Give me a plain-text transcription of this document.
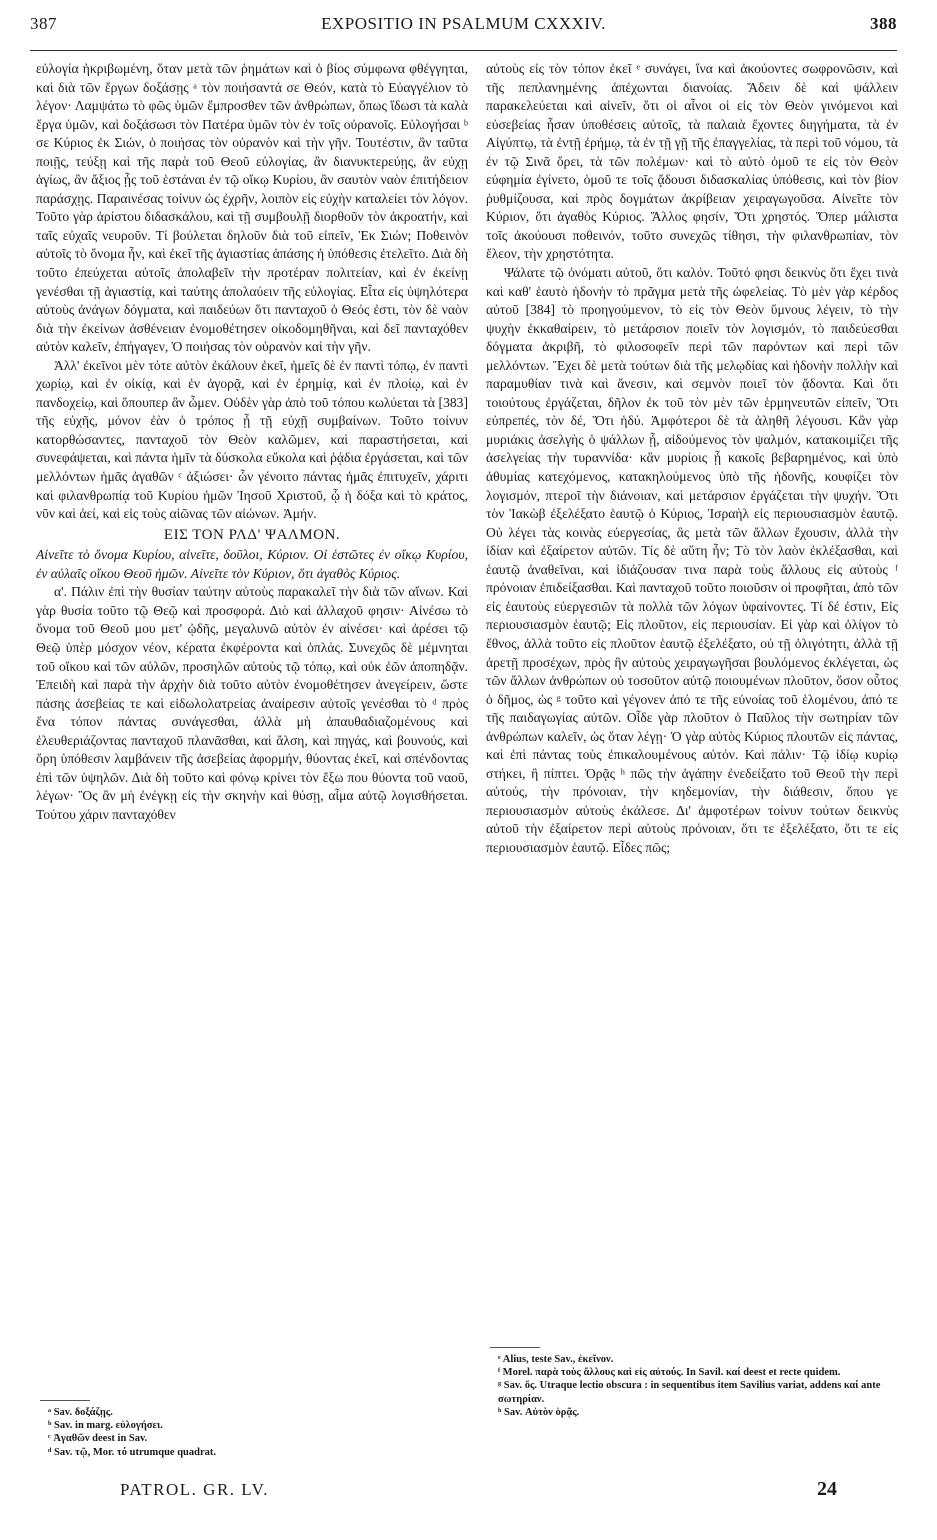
387	EXPOSITIO IN PSALMUM CXXXIV.	388

εὐλογία ἠκριβωμένη, ὅταν μετὰ τῶν ῥημάτων καὶ ὁ βίος σύμφωνα φθέγγηται, καὶ διὰ τῶν ἔργων δοξάσῃς ᵃ τὸν ποιήσαντά σε Θεόν, κατὰ τὸ Εὐαγγέλιον τὸ λέγον· Λαμψάτω τὸ φῶς ὑμῶν ἔμπροσθεν τῶν ἀνθρώπων, ὅπως ἴδωσι τὰ καλὰ ἔργα ὑμῶν, καὶ δοξάσωσι τὸν Πατέρα ὑμῶν τὸν ἐν τοῖς οὐρανοῖς. Εὐλογήσαι ᵇ σε Κύριος ἐκ Σιών, ὁ ποιήσας τὸν οὐρανὸν καὶ τὴν γῆν. Τουτέστιν, ἂν ταῦτα ποιῇς, τεύξῃ καὶ τῆς παρὰ τοῦ Θεοῦ εὐλογίας, ἂν διανυκτερεύῃς, ἂν εὐχῃ ἁγίως, ἂν ἄξιος ᾖς τοῦ ἑστάναι ἐν τῷ οἴκῳ Κυρίου, ἂν σαυτὸν ναὸν ἐπιτήδειον παράσχῃς. Παραινέσας τοίνυν ὡς ἐχρῆν, λοιπὸν εἰς εὐχὴν καταλείει τὸν λόγον. Τοῦτο γὰρ ἀρίστου διδασκάλου, καὶ τῇ συμβουλῇ διορθοῦν τὸν ἀκροατήν, καὶ ταῖς εὐχαῖς νευροῦν. Τί βούλεται δηλοῦν διὰ τοῦ εἰπεῖν, Ἐκ Σιών; Ποθεινὸν αὐτοῖς τὸ ὄνομα ἦν, καὶ ἐκεῖ τῆς ἁγιαστίας ἁπάσης ἡ ὑπόθεσις ἐτελεῖτο. Διὰ δὴ τοῦτο ἐπεύχεται αὐτοῖς ἀπολαβεῖν τὴν προτέραν πολιτείαν, καὶ ἐν ἐκείνῃ γενέσθαι τῇ ἁγιαστίᾳ, καὶ ταύτης ἀπολαύειν τῆς εὐλογίας. Εἶτα εἰς ὑψηλότερα αὐτοὺς ἀνάγων δόγματα, καὶ παιδεύων ὅτι πανταχοῦ ὁ Θεός ἐστι, τὸν δὲ ναὸν διὰ τὴν ἐκείνων ἀσθένειαν ἐνομοθέτησεν οἰκοδομηθῆναι, καὶ δεῖ πανταχόθεν αὐτὸν καλεῖν, ἐπήγαγεν, Ὁ ποιήσας τὸν οὐρανὸν καὶ τὴν γῆν.

Ἀλλ' ἐκεῖνοι μὲν τότε αὐτὸν ἐκάλουν ἐκεῖ, ἡμεῖς δὲ ἐν παντὶ τόπῳ, ἐν παντὶ χωρίῳ, καὶ ἐν οἰκίᾳ, καὶ ἐν ἀγορᾷ, καὶ ἐν ἐρημίᾳ, καὶ ἐν πλοίῳ, καὶ ἐν πανδοχείῳ, καὶ ὅπουπερ ἂν ὦμεν. Οὐδὲν γὰρ ἀπὸ τοῦ τόπου κωλύεται τὰ [383] τῆς εὐχῆς, μόνον ἐὰν ὁ τρόπος ᾖ τῇ εὐχῇ συμβαίνων. Τοῦτο τοίνυν κατορθώσαντες, πανταχοῦ τὸν Θεὸν καλῶμεν, καὶ παραστήσεται, καὶ συνεφάψεται, καὶ πάντα ἡμῖν τὰ δύσκολα εὔκολα καὶ ῥᾴδια ἐργάσεται, καὶ τῶν μελλόντων ἡμᾶς ἀγαθῶν ᶜ ἀξιώσει· ὧν γένοιτο πάντας ἡμᾶς ἐπιτυχεῖν, χάριτι καὶ φιλανθρωπίᾳ τοῦ Κυρίου ἡμῶν Ἰησοῦ Χριστοῦ, ᾧ ἡ δόξα καὶ τὸ κράτος, νῦν καὶ ἀεί, καὶ εἰς τοὺς αἰῶνας τῶν αἰώνων. Ἀμήν.

ΕΙΣ ΤΟΝ ΡΛΔ' ΨΑΛΜΟΝ.

Αἰνεῖτε τὸ ὄνομα Κυρίου, αἰνεῖτε, δοῦλοι, Κύριον. Οἱ ἑστῶτες ἐν οἴκῳ Κυρίου, ἐν αὐλαῖς οἴκου Θεοῦ ἡμῶν. Αἰνεῖτε τὸν Κύριον, ὅτι ἀγαθὸς Κύριος.

α'. Πάλιν ἐπὶ τὴν θυσίαν ταύτην αὐτοὺς παρακαλεῖ τὴν διὰ τῶν αἴνων. Καὶ γὰρ θυσία τοῦτο τῷ Θεῷ καὶ προσφορά. Διὸ καὶ ἀλλαχοῦ φησιν· Αἰνέσω τὸ ὄνομα τοῦ Θεοῦ μου μετ' ᾠδῆς, μεγαλυνῶ αὐτὸν ἐν αἰνέσει· καὶ ἀρέσει τῷ Θεῷ ὑπὲρ μόσχον νέον, κέρατα ἐκφέροντα καὶ ὁπλάς. Συνεχῶς δὲ μέμνηται τοῦ οἴκου καὶ τῶν αὐλῶν, προσηλῶν αὐτοὺς τῷ τόπῳ, καὶ οὐκ ἐῶν ἀποπηδᾷν. Ἐπειδὴ καὶ παρὰ τὴν ἀρχὴν διὰ τοῦτο αὐτὸν ἐνομοθέτησεν ἀνεγείρειν, ὥστε πάσης ἀσεβείας τε καὶ εἰδωλολατρείας ἀναίρεσιν αὐτοῖς γενέσθαι τὸ ᵈ πρὸς ἕνα τόπον πάντας συνάγεσθαι, ἀλλὰ μὴ ἀπαυθαδιαζομένους καὶ ἐλευθεριάζοντας πανταχοῦ πλανᾶσθαι, καὶ ἄλση, καὶ πηγάς, καὶ βουνούς, καὶ ὄρη ὑπόθεσιν λαμβάνειν τῆς ἀσεβείας ἀφορμήν, θύοντας ἐκεῖ, καὶ σπένδοντας ἐπὶ τῶν ὑψηλῶν. Διὰ δὴ τοῦτο καὶ φόνῳ κρίνει τὸν ἔξω που θύοντα τοῦ ναοῦ, λέγων· Ὃς ἂν μὴ ἐνέγκῃ εἰς τὴν σκηνὴν καὶ θύσῃ, αἷμα αὐτῷ λογισθήσεται. Τούτου χάριν πανταχόθεν

αὐτοὺς εἰς τὸν τόπον ἐκεῖ ᵉ συνάγει, ἵνα καὶ ἀκούοντες σωφρονῶσιν, καὶ τῆς πεπλανημένης ἀπέχωνται διανοίας. Ἄδειν δὲ καὶ ψάλλειν παρακελεύεται καὶ αἰνεῖν, ὅτι οἱ αἶνοι οἱ εἰς τὸν Θεὸν γινόμενοι καὶ εὐσεβείας ἦσαν ὑποθέσεις αὐτοῖς, τὰ παλαιὰ ἔχοντες διηγήματα, τὰ ἐν Αἰγύπτῳ, τὰ ἐντῇ ἐρήμῳ, τὰ ἐν τῇ γῇ τῆς ἐπαγγελίας, τὰ περὶ τοῦ νόμου, τὰ ἐν τῷ Σινᾶ ὄρει, τὰ τῶν πολέμων· καὶ τὸ αὐτὸ ὁμοῦ τε εἰς τὸν Θεὸν εὐφημία ἐγίνετο, ὁμοῦ τε τοῖς ᾄδουσι διδασκαλίας ὑπόθεσις, καὶ τὸν βίον ῥυθμίζουσα, καὶ πρὸς δογμάτων ἀκρίβειαν χειραγωγοῦσα. Αἰνεῖτε τὸν Κύριον, ὅτι ἀγαθὸς Κύριος. Ἄλλος φησίν, Ὅτι χρηστός. Ὅπερ μάλιστα τοῖς ἀκούουσι ποθεινόν, τοῦτο συνεχῶς τίθησι, τὴν φιλανθρωπίαν, τὸν ἔλεον, τὴν χρηστότητα.

Ψάλατε τῷ ὀνόματι αὐτοῦ, ὅτι καλόν. Τοῦτό φησι δεικνὺς ὅτι ἔχει τινὰ καὶ καθ' ἑαυτὸ ἡδονὴν τὸ πρᾶγμα μετὰ τῆς ὠφελείας. Τὸ μὲν γὰρ κέρδος αὐτοῦ [384] τὸ προηγούμενον, τὸ εἰς τὸν Θεὸν ὕμνους λέγειν, τὸ τὴν ψυχὴν ἐκκαθαίρειν, τὸ μετάρσιον ποιεῖν τὸν λογισμόν, τὸ παιδεύεσθαι δόγματα ἀκριβῆ, τὸ φιλοσοφεῖν περὶ τῶν παρόντων καὶ περὶ τῶν μελλόντων. Ἔχει δὲ μετὰ τούτων διὰ τῆς μελῳδίας καὶ ἡδονὴν πολλὴν καὶ παραμυθίαν τινὰ καὶ ἄνεσιν, καὶ σεμνὸν ποιεῖ τὸν ᾄδοντα. Καὶ ὅτι τοιούτους ἐργάζεται, δῆλον ἐκ τοῦ τὸν μὲν τῶν ἑρμηνευτῶν εἰπεῖν, Ὅτι εὐπρεπές, τὸν δέ, Ὅτι ἡδύ. Ἀμφότεροι δὲ τὰ ἀληθῆ λέγουσι. Κἂν γὰρ μυριάκις ἀσελγὴς ὁ ψάλλων ᾖ, αἰδούμενος τὸν ψαλμόν, κατακοιμίζει τῆς ἀσελγείας τὴν τυραννίδα· κἂν μυρίοις ᾖ κακοῖς βεβαρημένος, καὶ ὑπὸ ἀθυμίας κατεχόμενος, κατακηλούμενος ὑπὸ τῆς ἡδονῆς, κουφίζει τὸν λογισμόν, πτεροῖ τὴν διάνοιαν, καὶ μετάρσιον ἐργάζεται τὴν ψυχήν. Ὅτι τὸν Ἰακὼβ ἐξελέξατο ἑαυτῷ ὁ Κύριος, Ἰσραὴλ εἰς περιουσιασμὸν ἑαυτῷ. Οὐ λέγει τὰς κοινὰς εὐεργεσίας, ἃς μετὰ τῶν ἄλλων ἔχουσιν, ἀλλὰ τὴν ἰδίαν καὶ ἐξαίρετον αὐτῶν. Τίς δὲ αὕτη ἦν; Τὸ τὸν λαὸν ἐκλέξασθαι, καὶ ἑαυτῷ ἀναθεῖναι, καὶ ἰδιάζουσαν τινα παρὰ τοὺς ἄλλους εἰς αὐτοὺς ᶠ πρόνοιαν ἐπιδείξασθαι. Καὶ πανταχοῦ τοῦτο ποιοῦσιν οἱ προφῆται, ἀπὸ τῶν εἰς ἑαυτοὺς εὐεργεσιῶν τὰ πολλὰ τῶν λόγων ὑφαίνοντες. Τί δέ ἐστιν, Εἰς περιουσιασμὸν ἑαυτῷ; Εἰς πλοῦτον, εἰς περιουσίαν. Εἰ γὰρ καὶ ὀλίγον τὸ ἔθνος, ἀλλὰ τοῦτο εἰς πλοῦτον ἑαυτῷ ἐξελέξατο, οὐ τῇ ὀλιγότητι, ἀλλὰ τῇ ἀρετῇ προσέχων, πρὸς ἣν αὐτοὺς χειραγωγῆσαι βουλόμενος ἐκλέγεται, ὡς τῶν ἄλλων ἀνθρώπων οὐ τοσοῦτον αὐτῷ ποιουμένων πλοῦτον, ὅσον οὗτος ὁ δῆμος, ὡς ᵍ τοῦτο καὶ γέγονεν ἀπό τε τῆς εὐνοίας τοῦ ἑλομένου, ἀπό τε τῆς παιδαγωγίας αὐτῶν. Οἶδε γὰρ πλοῦτον ὁ Παῦλος τὴν σωτηρίαν τῶν ἀνθρώπων καλεῖν, ὡς ὅταν λέγῃ· Ὁ γὰρ αὐτὸς Κύριος πλουτῶν εἰς πάντας, καὶ ἐπὶ πάντας τοὺς ἐπικαλουμένους αὐτόν. Καὶ πάλιν· Τῷ ἰδίῳ κυρίῳ στήκει, ἢ πίπτει. Ὁρᾷς ʰ πῶς τὴν ἀγάπην ἐνεδείξατο τοῦ Θεοῦ τὴν περὶ αὐτούς, τὴν πρόνοιαν, τὴν κηδεμονίαν, τὴν διάθεσιν, ὅπου γε περιουσιασμὸν αὐτοὺς ἐκάλεσε. Δι' ἀμφοτέρων τοίνυν τούτων δεικνὺς αὐτοῦ τὴν ἐξαίρετον περὶ αὐτοὺς πρόνοιαν, ὅτι τε ἐξελέξατο, ὅτι τε εἰς περιουσιασμὸν ἑαυτῷ. Εἶδες πῶς;

ᵃ Sav. δοξάζῃς.

ᵇ Sav. in marg. εὐλογήσει.

ᶜ Ἀγαθῶν deest in Sav.

ᵈ Sav. τῷ, Mor. τό utrumque quadrat.

ᵉ Alius, teste Sav., ἐκεῖνον.

ᶠ Morel. παρὰ τοὺς ἄλλους καὶ εἰς αὐτούς. In Savil. καί deest et recte quidem.

ᵍ Sav. ὅς. Utraque lectio obscura : in sequentibus item Savilius variat, addens καί ante σωτηρίαν.

ʰ Sav. Αὐτὸν ὁρᾷς.

PATROL. GR. LV.	24
